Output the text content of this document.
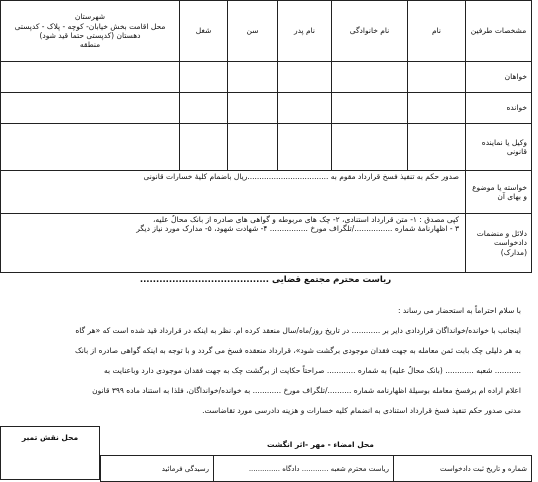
مشخصات طرفین	نام	نام خانوادگی	نام پدر	سن	شغل	شهرستان
محل اقامت بخش خیابان- کوچه - پلاک - کدپستی
دهستان (کدپستی حتما قید شود)
منطقه

خواهان						
خوانده						
وکیل یا نماینده قانونی						
خواسته یا موضوع و بهای آن	صدور حکم به تنفیذ فسخ قرارداد مقوم به ..................................ریال باضمام کلیهٔ خسارات قانونی					
دلائل و منضمات دادخواست (مدارک)	کپی مصدق : ۱- متن قرارداد استنادی، ۲- چک های مربوطه و گواهی های صادره از بانک محالٌ علیه،
۳ - اظهارنامهٔ شماره ................/تلگراف مورخ ................ ۴- شهادت شهود، ۵- مدارک مورد نیاز دیگر					
ریاست محترم مجتمع قضایی ........................................
با سلام احتراماً به استحضار می رساند :
اینجانب با خوانده/خوانداگان قراردادی دایر بر ............ در تاریخ روز/ماه/سال منعقد کرده ام. نظر به اینکه در قرارداد قید شده است که «هر گاه
به هر دلیلی چک بابت ثمن معامله به جهت فقدان موجودی برگشت شود»، قرارداد منعقده فسخ می گردد و با توجه به اینکه گواهی صادره از بانک
........... شعبه ............ (بانک محالٌ علیه) به شماره ............ صراحتاً حکایت از برگشت چک به جهت فقدان موجودی دارد وباعنایت به
اعلام اراده ام برفسخ معامله بوسیلهٔ اظهارنامه شماره ........../تلگراف مورخ ............ به خوانده/خوانداگان، فلذا به استناد ماده ۳۹۹ قانون
مدنی صدور حکم تنفیذ فسخ قرارداد استنادی به انضمام کلیه خسارات و هزینه دادرسی مورد تقاضاست.
محل امضاء - مهر -اثر انگشت
محل نقش تمبر
شماره و تاریخ ثبت دادخواست	ریاست محترم شعبه ............ دادگاه ..............	رسیدگی فرمائید
